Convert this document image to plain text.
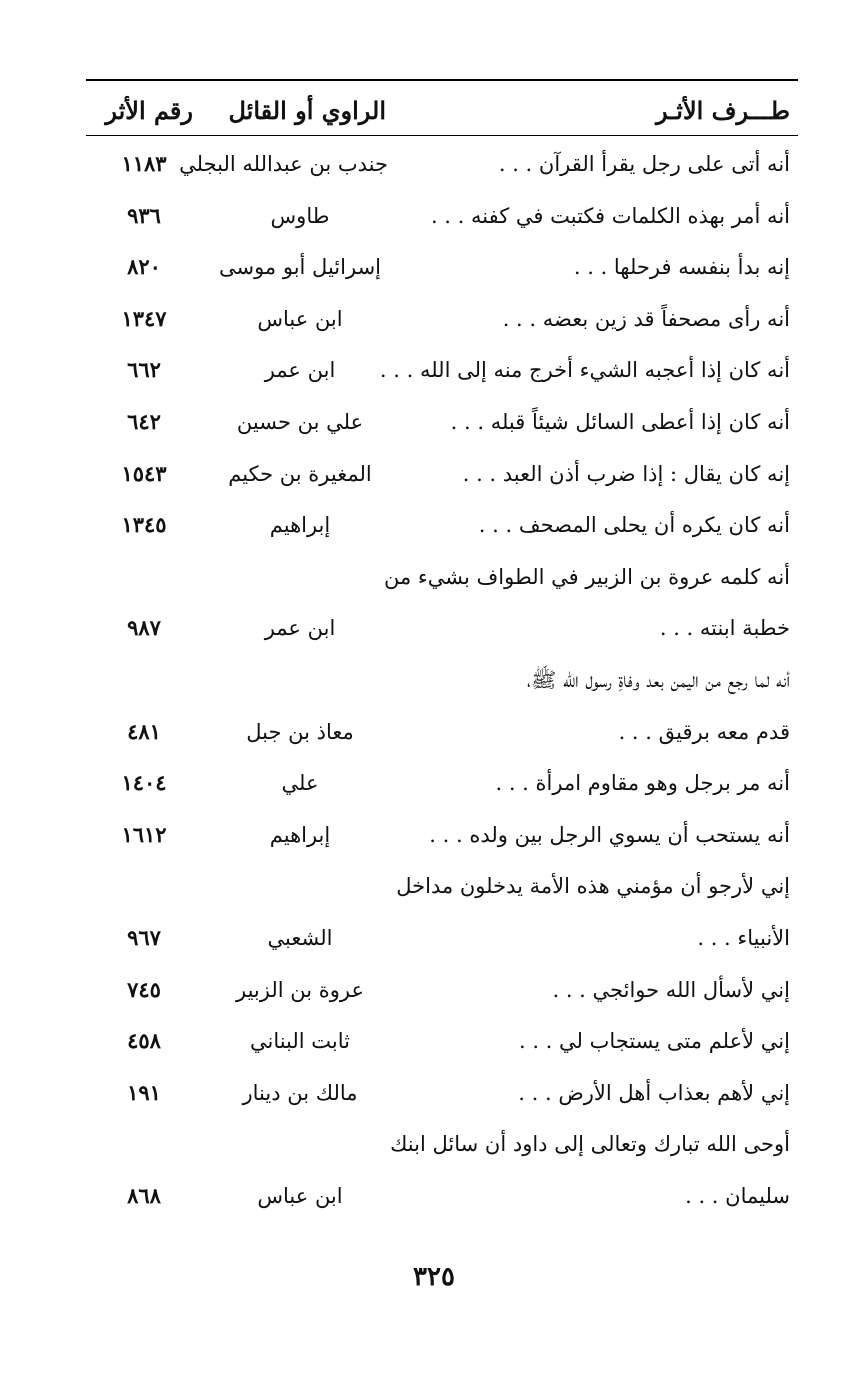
طـــرف الأثـر
الراوي أو القائل
رقم الأثر
أنه أتى على رجل يقرأ القرآن . . .
جندب بن عبدالله البجلي
١١٨٣
أنه أمر بهذه الكلمات فكتبت في كفنه . . .
طاوس
٩٣٦
إنه بدأ بنفسه فرحلها . . .
إسرائيل أبو موسى
٨٢٠
أنه رأى مصحفاً قد زين بعضه . . .
ابن عباس
١٣٤٧
أنه كان إذا أعجبه الشيء أخرج منه إلى الله . . .
ابن عمر
٦٦٢
أنه كان إذا أعطى السائل شيئاً قبله . . .
علي بن حسين
٦٤٢
إنه كان يقال : إذا ضرب أذن العبد . . .
المغيرة بن حكيم
١٥٤٣
أنه كان يكره أن يحلى المصحف . . .
إبراهيم
١٣٤٥
أنه كلمه عروة بن الزبير في الطواف بشيء من
خطبة ابنته . . .
ابن عمر
٩٨٧
أنه لما رجع من اليمن بعد وفاةِ رسول الله ﷺ،
قدم معه برقيق . . .
معاذ بن جبل
٤٨١
أنه مر برجل وهو مقاوم امرأة . . .
علي
١٤٠٤
أنه يستحب أن يسوي الرجل بين ولده . . .
إبراهيم
١٦١٢
إني لأرجو أن مؤمني هذه الأمة يدخلون مداخل
الأنبياء . . .
الشعبي
٩٦٧
إني لأسأل الله حوائجي . . .
عروة بن الزبير
٧٤٥
إني لأعلم متى يستجاب لي . . .
ثابت البناني
٤٥٨
إني لأهم بعذاب أهل الأرض . . .
مالك بن دينار
١٩١
أوحى الله تبارك وتعالى إلى داود أن سائل ابنك
سليمان . . .
ابن عباس
٨٦٨
٣٢٥
